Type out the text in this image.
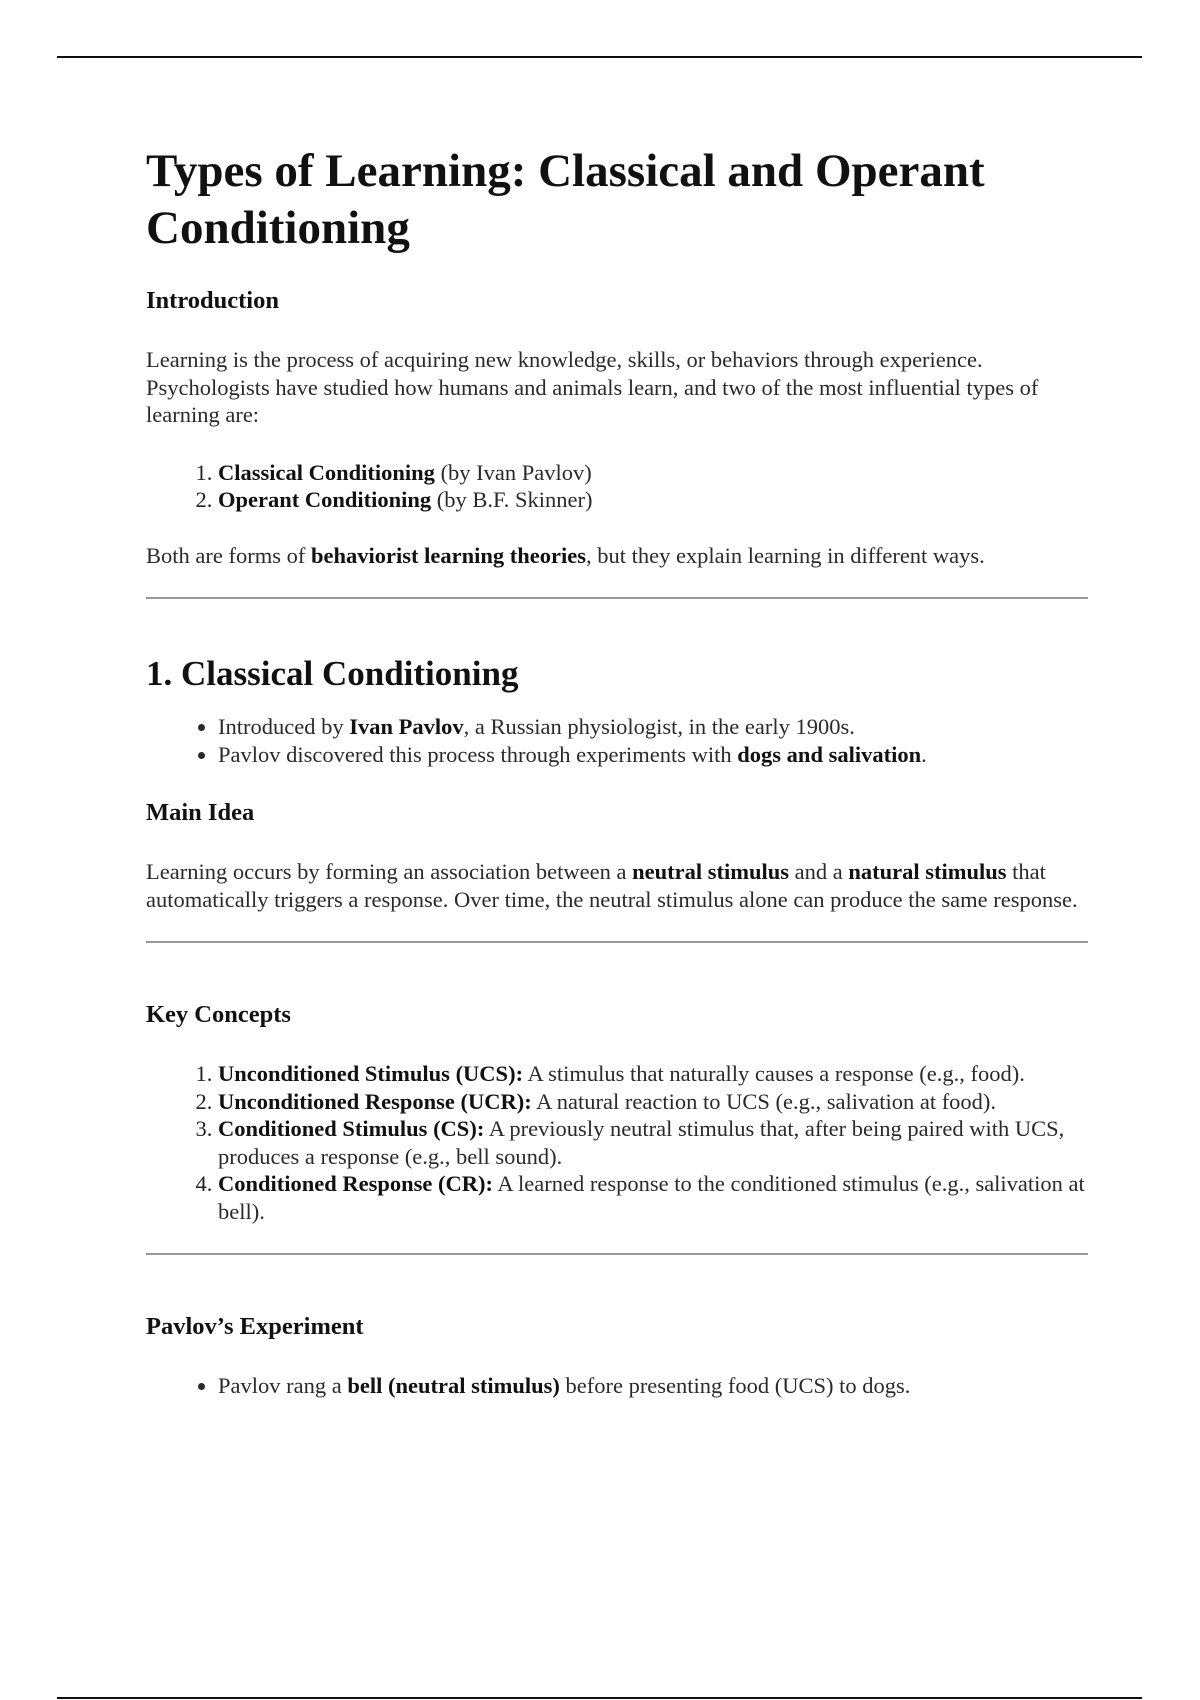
Types of Learning: Classical and Operant Conditioning
Introduction

Learning is the process of acquiring new knowledge, skills, or behaviors through experience. Psychologists have studied how humans and animals learn, and two of the most influential types of learning are:

1. Classical Conditioning (by Ivan Pavlov)
2. Operant Conditioning (by B.F. Skinner)

Both are forms of behaviorist learning theories, but they explain learning in different ways.

1. Classical Conditioning
• Introduced by Ivan Pavlov, a Russian physiologist, in the early 1900s.
• Pavlov discovered this process through experiments with dogs and salivation.
Main Idea

Learning occurs by forming an association between a neutral stimulus and a natural stimulus that automatically triggers a response. Over time, the neutral stimulus alone can produce the same response.

Key Concepts
1. Unconditioned Stimulus (UCS): A stimulus that naturally causes a response (e.g., food).
2. Unconditioned Response (UCR): A natural reaction to UCS (e.g., salivation at food).
3. Conditioned Stimulus (CS): A previously neutral stimulus that, after being paired with UCS, produces a response (e.g., bell sound).
4. Conditioned Response (CR): A learned response to the conditioned stimulus (e.g., salivation at bell).
Pavlov’s Experiment
• Pavlov rang a bell (neutral stimulus) before presenting food (UCS) to dogs.
